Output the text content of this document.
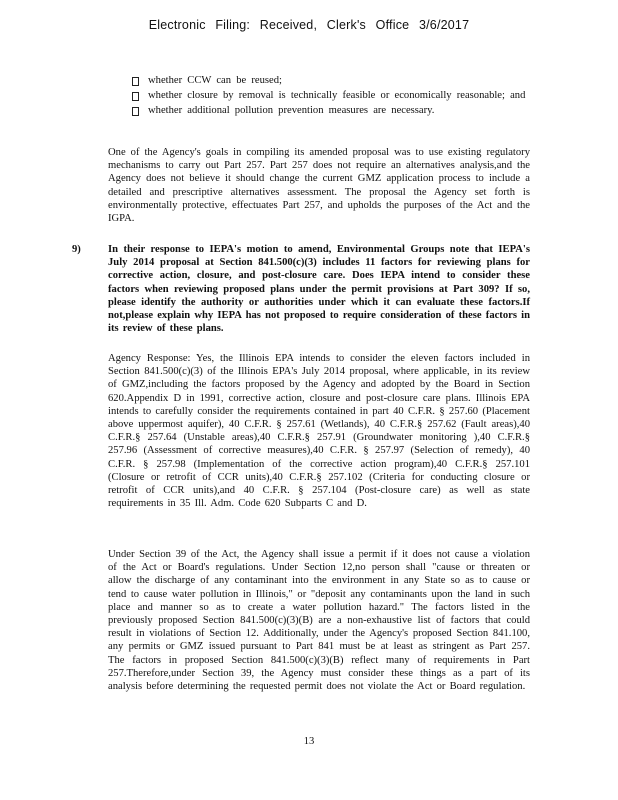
Electronic Filing: Received, Clerk's Office 3/6/2017
whether CCW can be reused;
whether closure by removal is technically feasible or economically reasonable; and
whether additional pollution prevention measures are necessary.

One of the Agency's goals in compiling its amended proposal was to use existing regulatory mechanisms to carry out Part 257. Part 257 does not require an alternatives analysis,and the Agency does not believe it should change the current GMZ application process to include a detailed and prescriptive alternatives assessment. The proposal the Agency set forth is environmentally protective, effectuates Part 257, and upholds the purposes of the Act and the IGPA.

9)	In their response to IEPA's motion to amend, Environmental Groups note that IEPA's July 2014 proposal at Section 841.500(c)(3) includes 11 factors for reviewing plans for corrective action, closure, and post-closure care. Does IEPA intend to consider these factors when reviewing proposed plans under the permit provisions at Part 309? If so, please identify the authority or authorities under which it can evaluate these factors.If not,please explain why IEPA has not proposed to require consideration of these factors in its review of these plans.

Agency Response: Yes, the Illinois EPA intends to consider the eleven factors included in Section 841.500(c)(3) of the Illinois EPA's July 2014 proposal, where applicable, in its review of GMZ,including the factors proposed by the Agency and adopted by the Board in Section 620.Appendix D in 1991, corrective action, closure and post-closure care plans. Illinois EPA intends to carefully consider the requirements contained in part 40 C.F.R. § 257.60 (Placement above uppermost aquifer), 40 C.F.R. § 257.61 (Wetlands), 40 C.F.R.§ 257.62 (Fault areas),40 C.F.R.§ 257.64 (Unstable areas),40 C.F.R.§ 257.91 (Groundwater monitoring ),40 C.F.R.§ 257.96 (Assessment of corrective measures),40 C.F.R. § 257.97 (Selection of remedy), 40 C.F.R. § 257.98 (Implementation of the corrective action program),40 C.F.R.§ 257.101 (Closure or retrofit of CCR units),40 C.F.R.§ 257.102 (Criteria for conducting closure or retrofit of CCR units),and 40 C.F.R. § 257.104 (Post-closure care) as well as state requirements in 35 Ill. Adm. Code 620 Subparts C and D.

Under Section 39 of the Act, the Agency shall issue a permit if it does not cause a violation of the Act or Board's regulations. Under Section 12,no person shall "cause or threaten or allow the discharge of any contaminant into the environment in any State so as to cause or tend to cause water pollution in Illinois," or "deposit any contaminants upon the land in such place and manner so as to create a water pollution hazard." The factors listed in the previously proposed Section 841.500(c)(3)(B) are a non-exhaustive list of factors that could result in violations of Section 12. Additionally, under the Agency's proposed Section 841.100, any permits or GMZ issued pursuant to Part 841 must be at least as stringent as Part 257. The factors in proposed Section 841.500(c)(3)(B) reflect many of requirements in Part 257.Therefore,under Section 39, the Agency must consider these things as a part of its analysis before determining the requested permit does not violate the Act or Board regulation.

13
